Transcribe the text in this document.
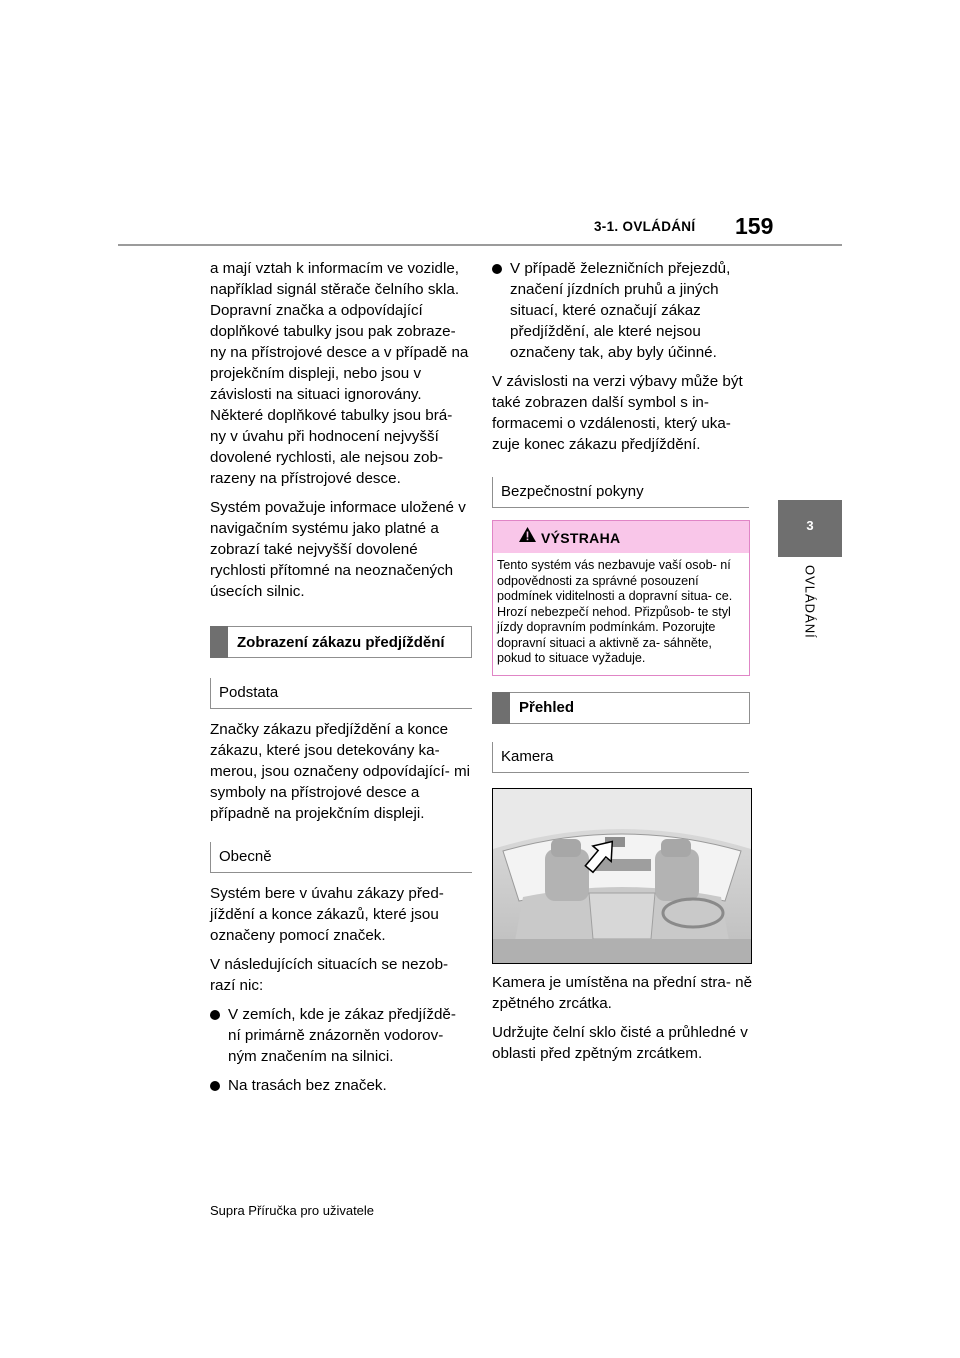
3-1. OVLÁDÁNÍ 159
3
OVLÁDÁNÍ

a mají vztah k informacím ve vozidle, například signál stěrače čelního skla. Dopravní značka a odpovídající doplňkové tabulky jsou pak zobraze- ny na přístrojové desce a v případě na projekčním displeji, nebo jsou v závislosti na situaci ignorovány. Některé doplňkové tabulky jsou brá- ny v úvahu při hodnocení nejvyšší dovolené rychlosti, ale nejsou zob- razeny na přístrojové desce.

Systém považuje informace uložené v navigačním systému jako platné a zobrazí také nejvyšší dovolené rychlosti přítomné na neoznačených úsecích silnic.

Zobrazení zákazu předjíždění
Podstata

Značky zákazu předjíždění a konce zákazu, které jsou detekovány ka- merou, jsou označeny odpovídající- mi symboly na přístrojové desce a případně na projekčním displeji.

Obecně

Systém bere v úvahu zákazy před- jíždění a konce zákazů, které jsou označeny pomocí značek.

V následujících situacích se nezob- razí nic:

V zemích, kde je zákaz předjíždě- ní primárně znázorněn vodorov- ným značením na silnici.
Na trasách bez značek.
V případě železničních přejezdů, značení jízdních pruhů a jiných situací, které označují zákaz předjíždění, ale které nejsou označeny tak, aby byly účinné.

V závislosti na verzi výbavy může být také zobrazen další symbol s in- formacemi o vzdálenosti, který uka- zuje konec zákazu předjíždění.

Bezpečnostní pokyny
VÝSTRAHA
Tento systém vás nezbavuje vaší osob- ní odpovědnosti za správné posouzení podmínek viditelnosti a dopravní situa- ce. Hrozí nebezpečí nehod. Přizpůsob- te styl jízdy dopravním podmínkám. Pozorujte dopravní situaci a aktivně za- sáhněte, pokud to situace vyžaduje.
Přehled
Kamera

Kamera je umístěna na přední stra- ně zpětného zrcátka.

Udržujte čelní sklo čisté a průhledné v oblasti před zpětným zrcátkem.

Supra Příručka pro uživatele
